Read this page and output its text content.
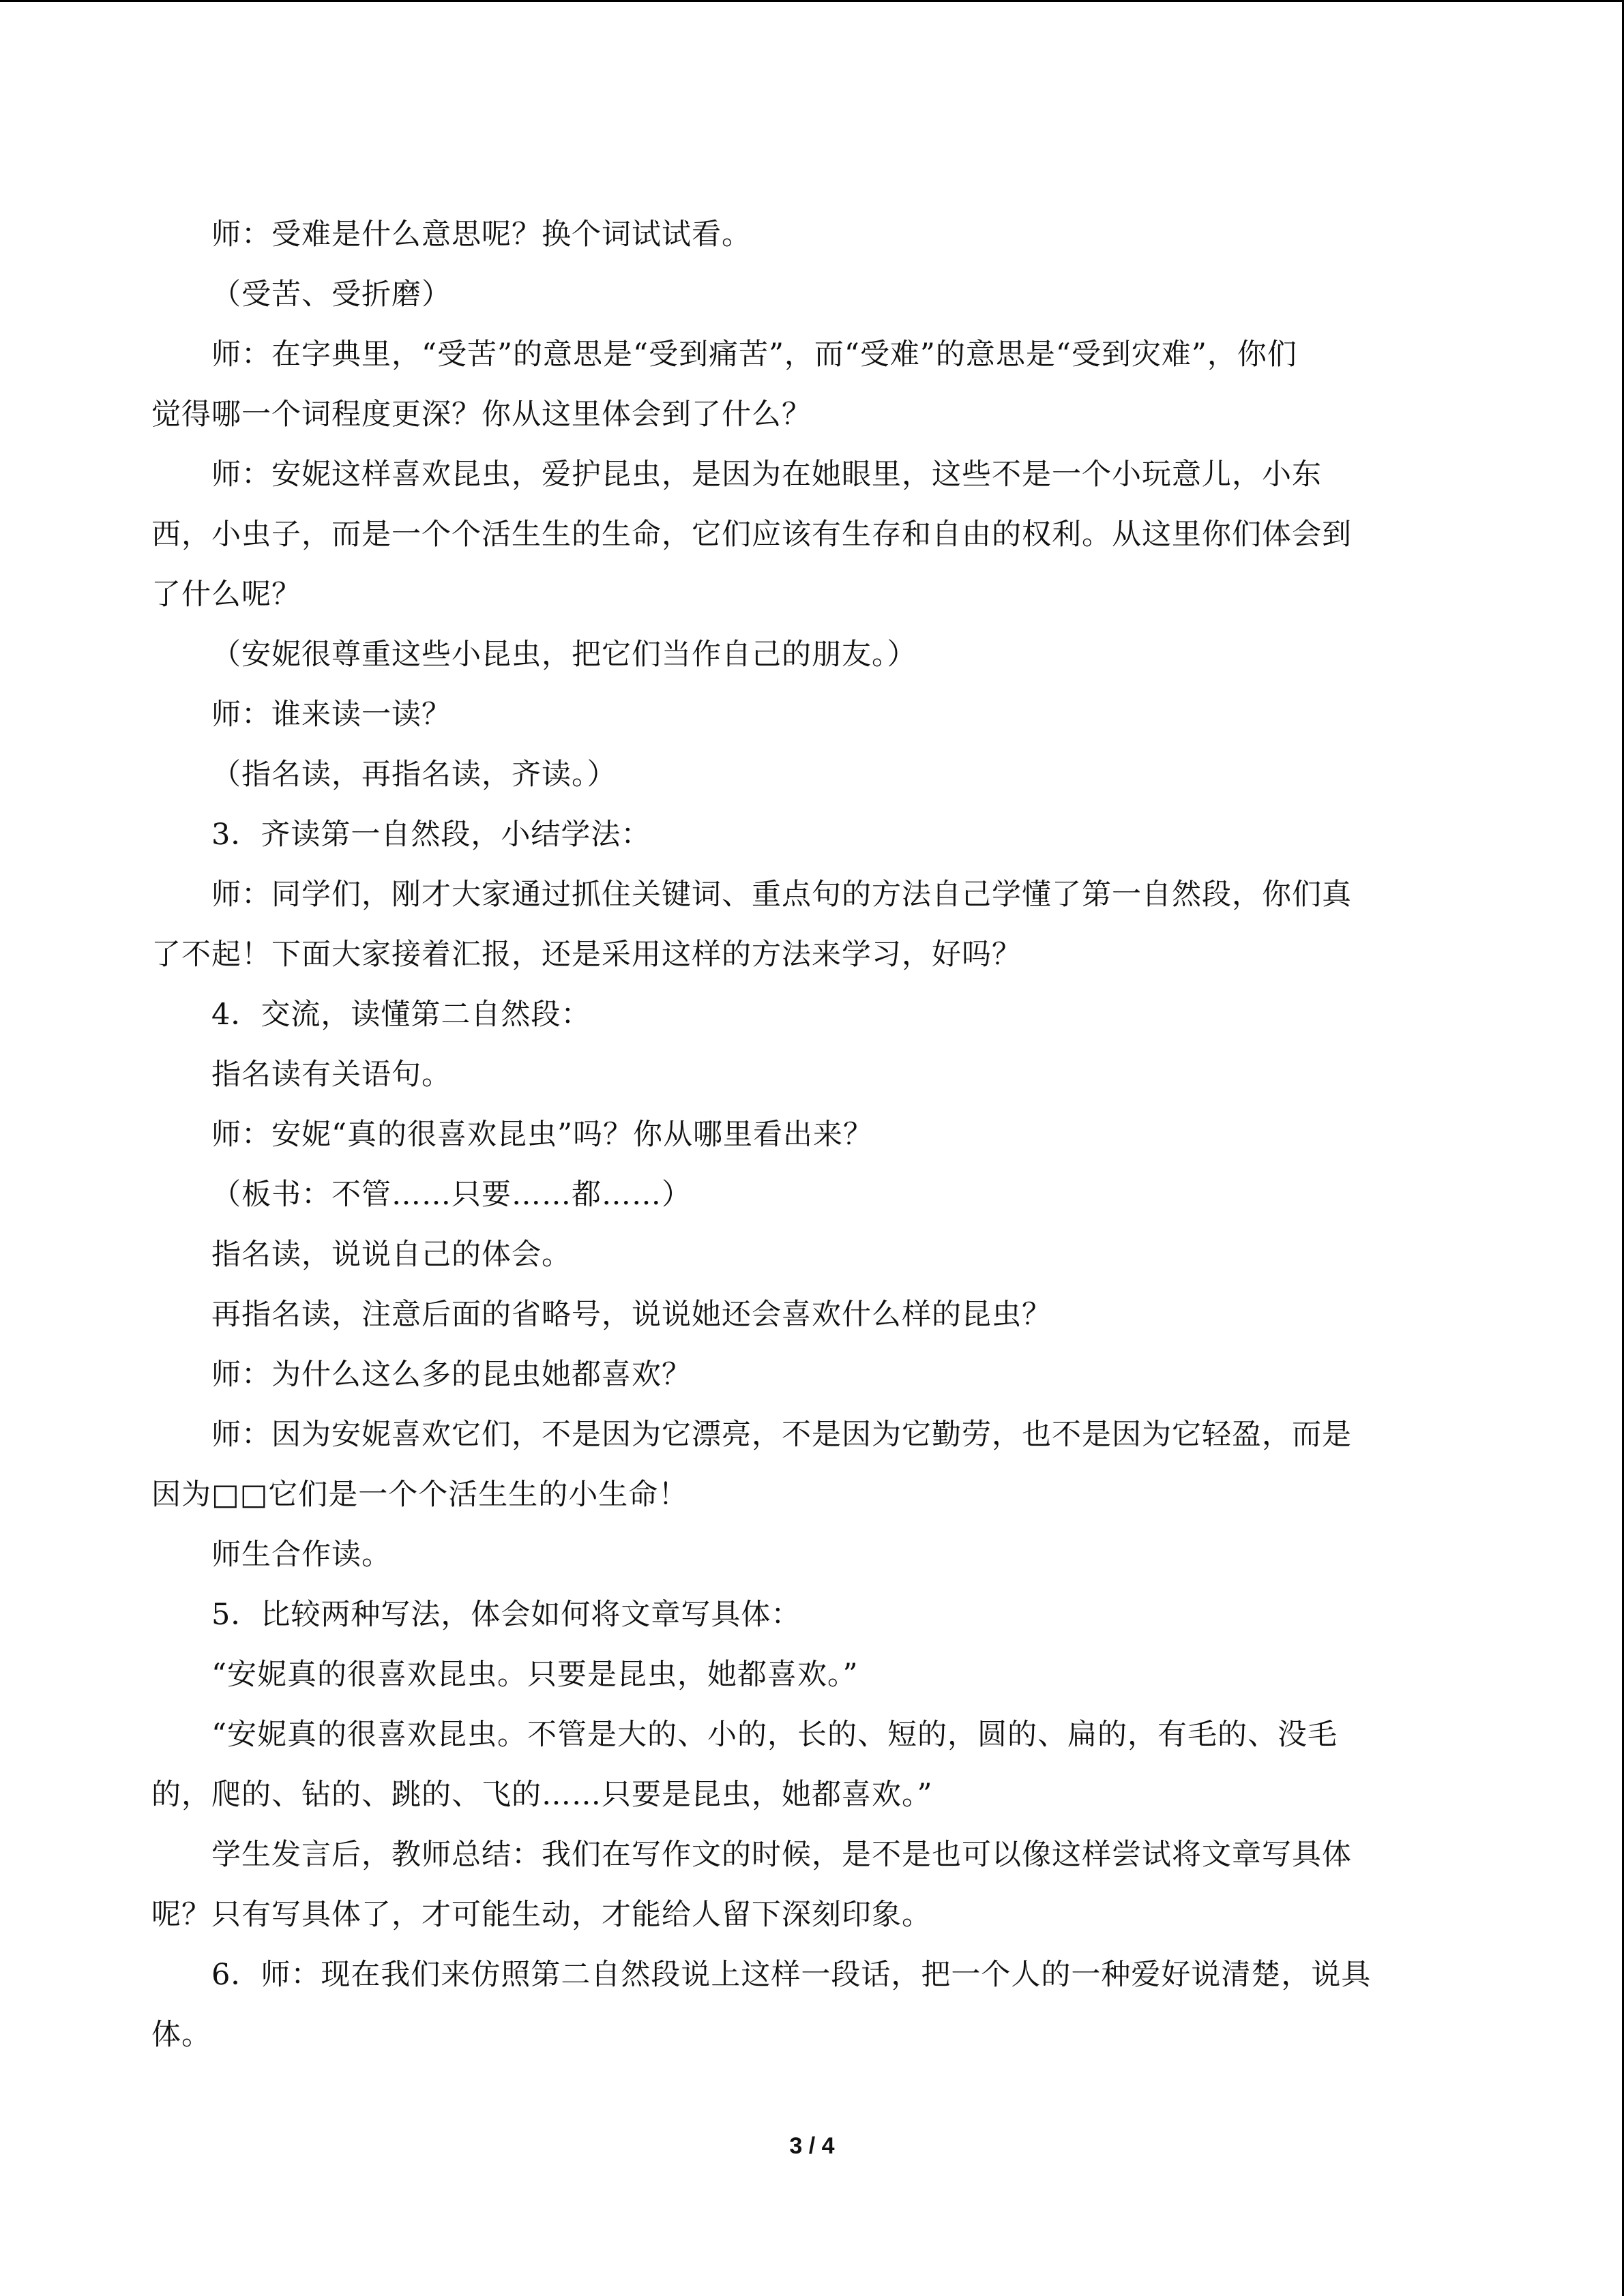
师：受难是什么意思呢？换个词试试看。
（受苦、受折磨）
师：在字典里，“受苦”的意思是“受到痛苦”，而“受难”的意思是“受到灾难”，你们
觉得哪一个词程度更深？你从这里体会到了什么？
师：安妮这样喜欢昆虫，爱护昆虫，是因为在她眼里，这些不是一个小玩意儿，小东
西，小虫子，而是一个个活生生的生命，它们应该有生存和自由的权利。从这里你们体会到
了什么呢？
（安妮很尊重这些小昆虫，把它们当作自己的朋友。）
师：谁来读一读？
（指名读，再指名读，齐读。）
3．齐读第一自然段，小结学法：
师：同学们，刚才大家通过抓住关键词、重点句的方法自己学懂了第一自然段，你们真
了不起！下面大家接着汇报，还是采用这样的方法来学习，好吗？
4．交流，读懂第二自然段：
指名读有关语句。
师：安妮“真的很喜欢昆虫”吗？你从哪里看出来？
（板书：不管……只要……都……）
指名读，说说自己的体会。
再指名读，注意后面的省略号，说说她还会喜欢什么样的昆虫？
师：为什么这么多的昆虫她都喜欢？
师：因为安妮喜欢它们，不是因为它漂亮，不是因为它勤劳，也不是因为它轻盈，而是
因为□□它们是一个个活生生的小生命！
师生合作读。
5．比较两种写法，体会如何将文章写具体：
“安妮真的很喜欢昆虫。只要是昆虫，她都喜欢。”
“安妮真的很喜欢昆虫。不管是大的、小的，长的、短的，圆的、扁的，有毛的、没毛
的，爬的、钻的、跳的、飞的……只要是昆虫，她都喜欢。”
学生发言后，教师总结：我们在写作文的时候，是不是也可以像这样尝试将文章写具体
呢？只有写具体了，才可能生动，才能给人留下深刻印象。
6．师：现在我们来仿照第二自然段说上这样一段话，把一个人的一种爱好说清楚，说具
体。
3 / 4
